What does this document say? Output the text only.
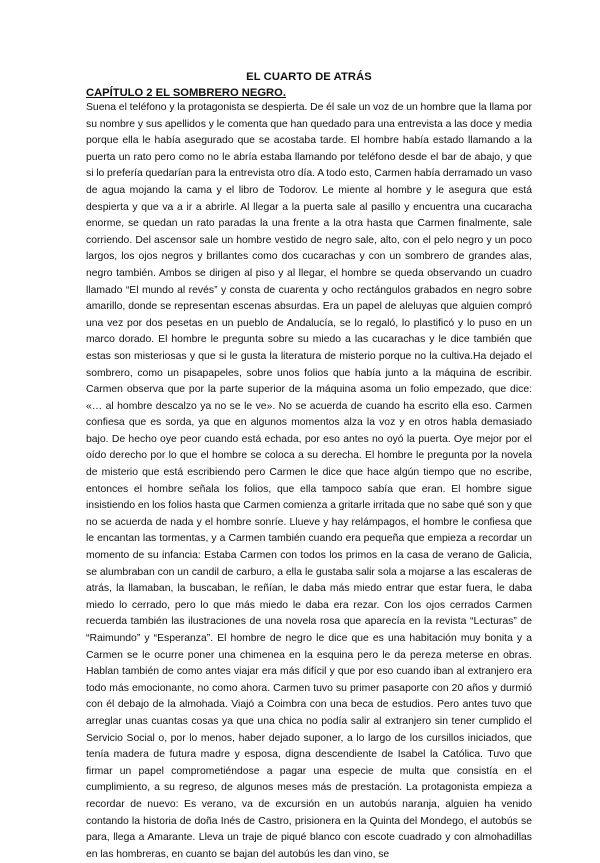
EL CUARTO DE ATRÁS
CAPÍTULO 2 EL SOMBRERO NEGRO.

Suena el teléfono y la protagonista se despierta. De él sale un voz de un hombre que la llama por su nombre y sus apellidos y le comenta que han quedado para una entrevista a las doce y media porque ella le había asegurado que se acostaba tarde. El hombre había estado llamando a la puerta un rato pero como no le abría estaba llamando por teléfono desde el bar de abajo, y que si lo prefería quedarían para la entrevista otro día. A todo esto, Carmen había derramado un vaso de agua mojando la cama y el libro de Todorov. Le miente al hombre y le asegura que está despierta y que va a ir a abrirle. Al llegar a la puerta sale al pasillo y encuentra una cucaracha enorme, se quedan un rato paradas la una frente a la otra hasta que Carmen finalmente, sale corriendo. Del ascensor sale un hombre vestido de negro sale, alto, con el pelo negro y un poco largos, los ojos negros y brillantes como dos cucarachas y con un sombrero de grandes alas, negro también. Ambos se dirigen al piso y al llegar, el hombre se queda observando un cuadro llamado “El mundo al revés” y consta de cuarenta y ocho rectángulos grabados en negro sobre amarillo, donde se representan escenas absurdas. Era un papel de aleluyas que alguien compró una vez por dos pesetas en un pueblo de Andalucía, se lo regaló, lo plastificó y lo puso en un marco dorado. El hombre le pregunta sobre su miedo a las cucarachas y le dice también que estas son misteriosas y que si le gusta la literatura de misterio porque no la cultiva.Ha dejado el sombrero, como un pisapapeles, sobre unos folios que había junto a la máquina de escribir. Carmen observa que por la parte superior de la máquina asoma un folio empezado, que dice: «… al hombre descalzo ya no se le ve». No se acuerda de cuando ha escrito ella eso. Carmen confiesa que es sorda, ya que en algunos momentos alza la voz y en otros habla demasiado bajo. De hecho oye peor cuando está echada, por eso antes no oyó la puerta. Oye mejor por el oído derecho por lo que el hombre se coloca a su derecha. El hombre le pregunta por la novela de misterio que está escribiendo pero Carmen le dice que hace algún tiempo que no escribe, entonces el hombre señala los folios, que ella tampoco sabía que eran. El hombre sigue insistiendo en los folios hasta que Carmen comienza a gritarle irritada que no sabe qué son y que no se acuerda de nada y el hombre sonríe. Llueve y hay relámpagos, el hombre le confiesa que le encantan las tormentas, y a Carmen también cuando era pequeña que empieza a recordar un momento de su infancia: Estaba Carmen con todos los primos en la casa de verano de Galicia, se alumbraban con un candil de carburo, a ella le gustaba salir sola a mojarse a las escaleras de atrás, la llamaban, la buscaban, le reñían, le daba más miedo entrar que estar fuera, le daba miedo lo cerrado, pero lo que más miedo le daba era rezar. Con los ojos cerrados Carmen recuerda también las ilustraciones de una novela rosa que aparecía en la revista “Lecturas” de “Raimundo” y “Esperanza”. El hombre de negro le dice que es una habitación muy bonita y a Carmen se le ocurre poner una chimenea en la esquina pero le da pereza meterse en obras. Hablan también de como antes viajar era más difícil y que por eso cuando iban al extranjero era todo más emocionante, no como ahora. Carmen tuvo su primer pasaporte con 20 años y durmió con él debajo de la almohada. Viajó a Coimbra con una beca de estudios. Pero antes tuvo que arreglar unas cuantas cosas ya que una chica no podía salir al extranjero sin tener cumplido el Servicio Social o, por lo menos, haber dejado suponer, a lo largo de los cursillos iniciados, que tenía madera de futura madre y esposa, digna descendiente de Isabel la Católica. Tuvo que firmar un papel comprometiéndose a pagar una especie de multa que consistía en el cumplimiento, a su regreso, de algunos meses más de prestación. La protagonista empieza a recordar de nuevo: Es verano, va de excursión en un autobús naranja, alguien ha venido contando la historia de doña Inés de Castro, prisionera en la Quinta del Mondego, el autobús se para, llega a Amarante. Lleva un traje de piqué blanco con escote cuadrado y con almohadillas en las hombreras, en cuanto se bajan del autobús les dan vino, se
